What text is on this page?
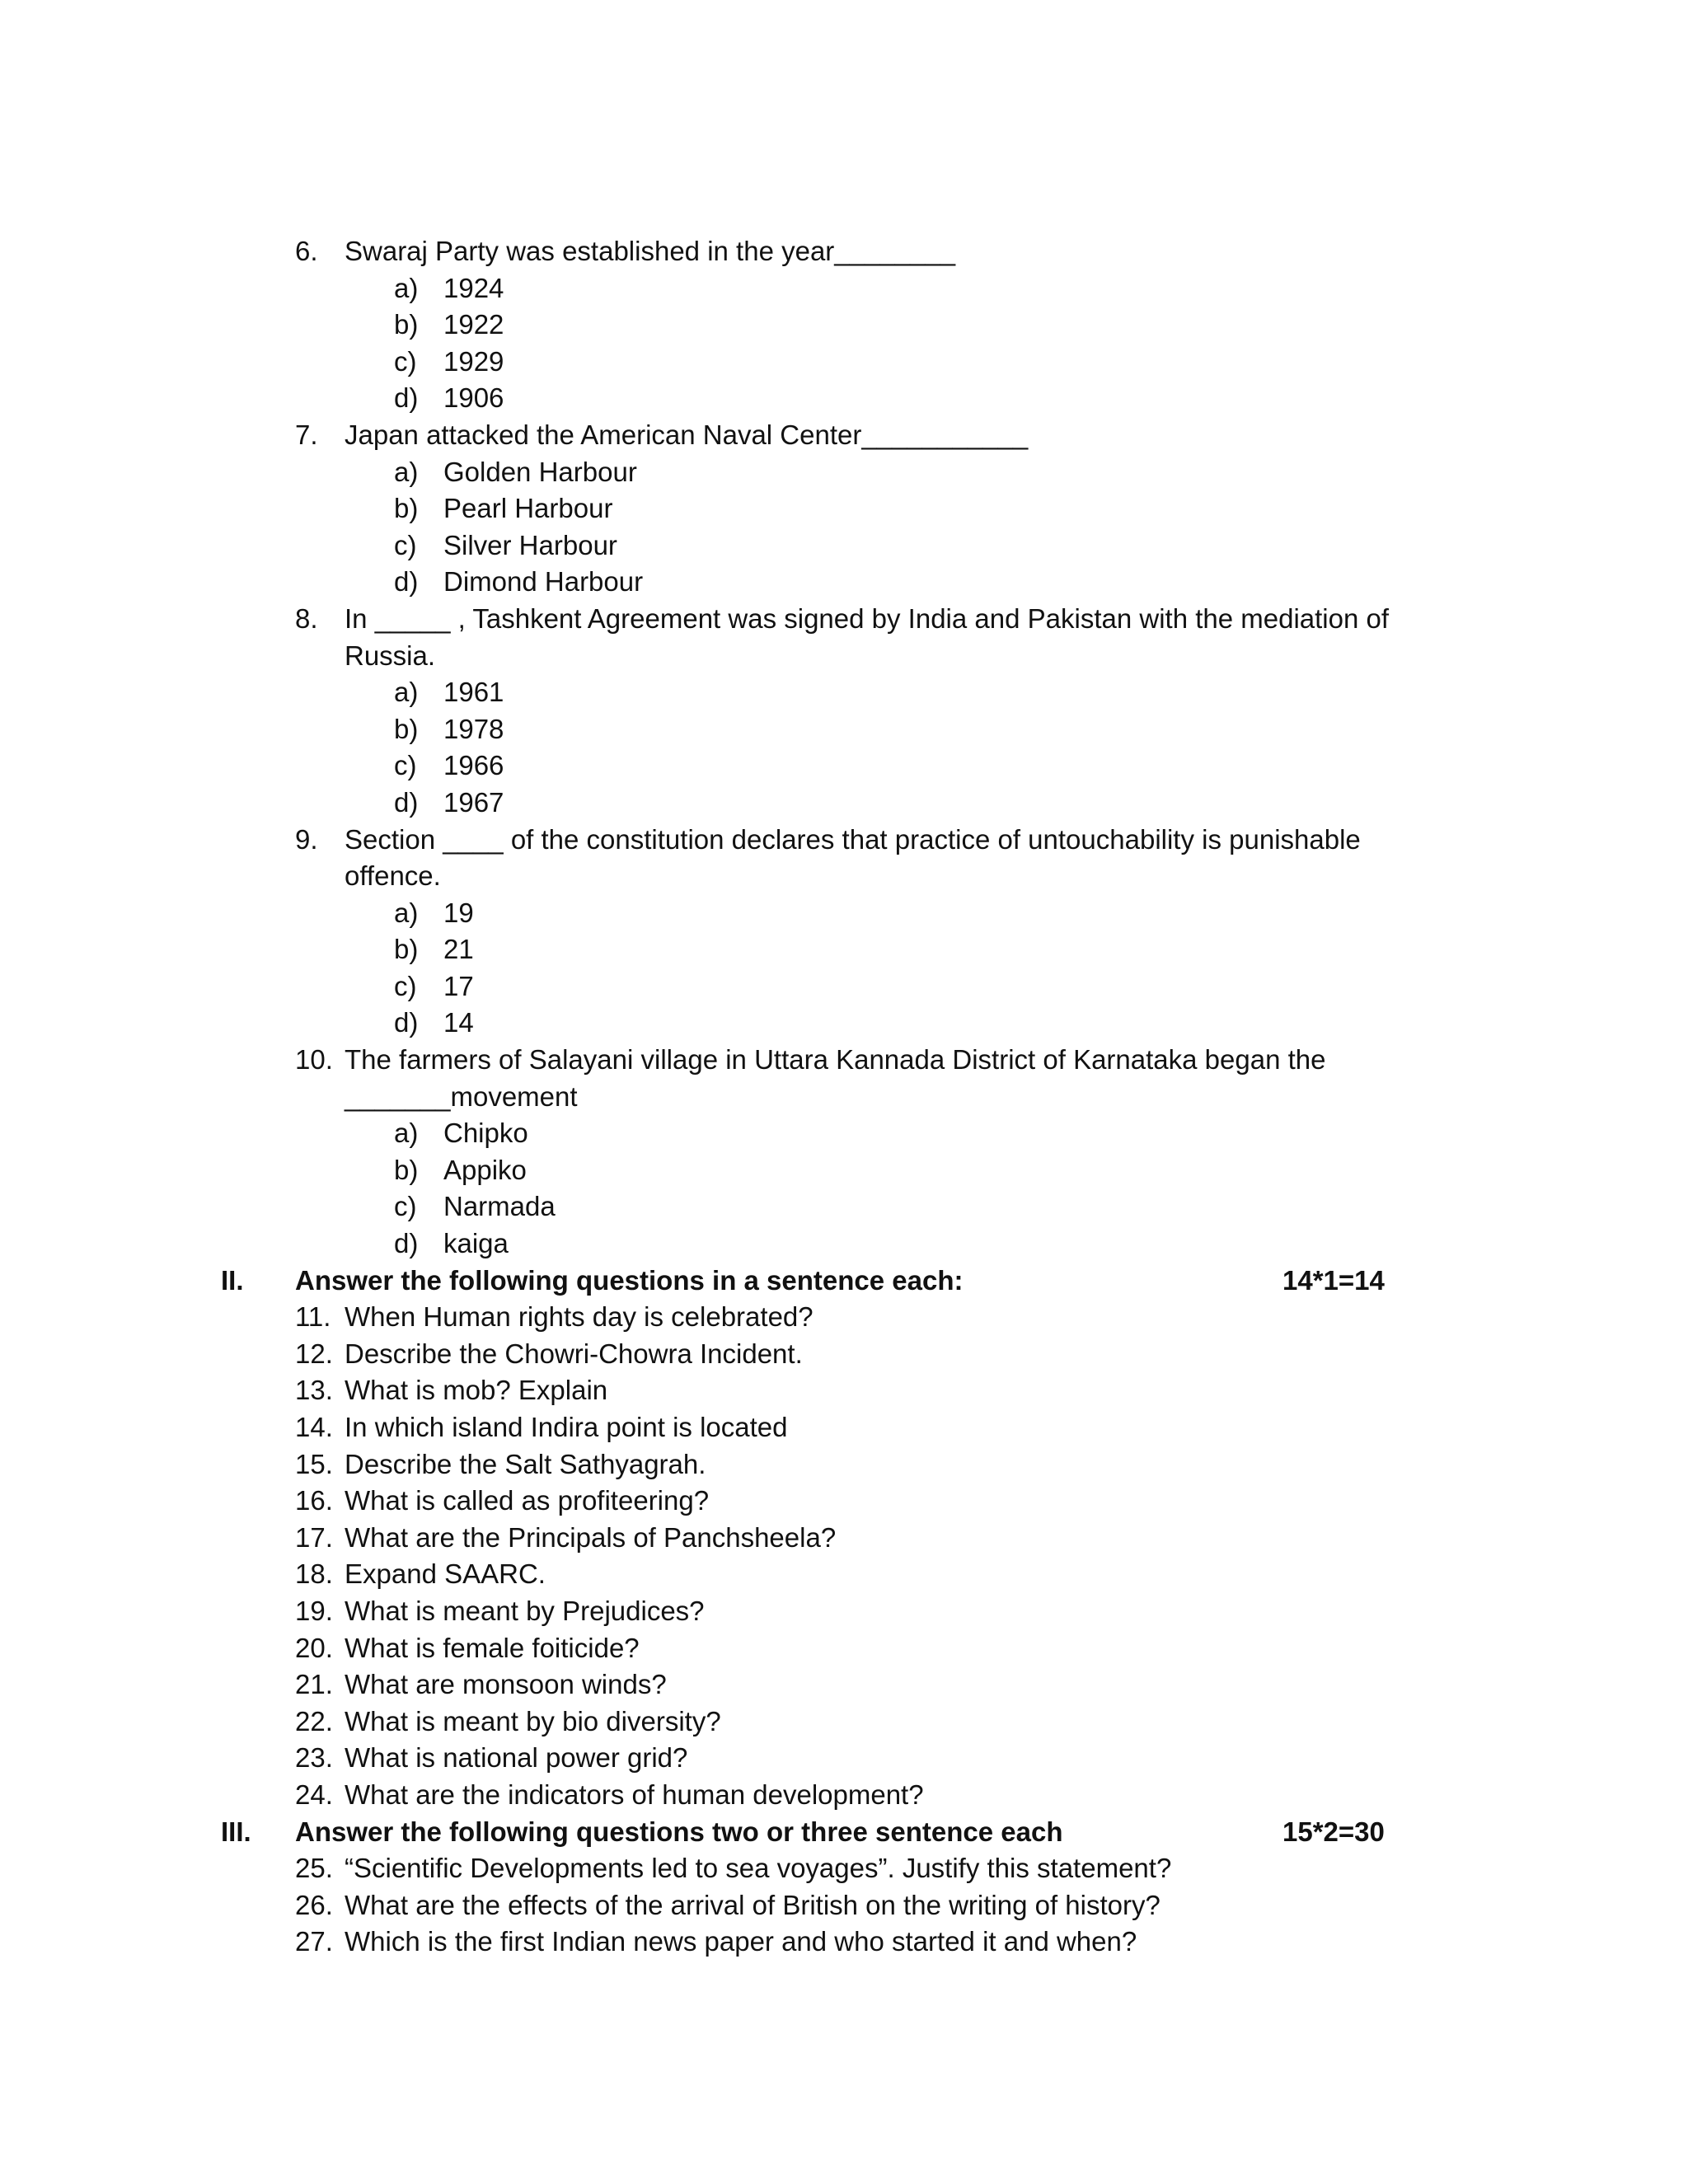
6. Swaraj Party was established in the year________
a) 1924
b) 1922
c) 1929
d) 1906
7. Japan attacked the American Naval Center___________
a) Golden Harbour
b) Pearl Harbour
c) Silver Harbour
d) Dimond Harbour
8. In _____ , Tashkent Agreement was signed by India and Pakistan with the mediation of
Russia.
a) 1961
b) 1978
c) 1966
d) 1967
9. Section ____ of the constitution declares that practice of untouchability is punishable
offence.
a) 19
b) 21
c) 17
d) 14
10. The farmers of Salayani village in Uttara Kannada District of Karnataka began the
_______movement
a) Chipko
b) Appiko
c) Narmada
d) kaiga
II. Answer the following questions in a sentence each:	14*1=14
11. When Human rights day is celebrated?
12. Describe the Chowri-Chowra Incident.
13. What is mob? Explain
14. In which island Indira point is located
15. Describe the Salt Sathyagrah.
16. What is called as profiteering?
17. What are the Principals of Panchsheela?
18. Expand SAARC.
19. What is meant by Prejudices?
20. What is female foiticide?
21. What are monsoon winds?
22. What is meant by bio diversity?
23. What is national power grid?
24. What are the indicators of human development?
III. Answer the following questions two or three sentence each	15*2=30
25. “Scientific Developments led to sea voyages”. Justify this statement?
26. What are the effects of the arrival of British on the writing of history?
27. Which is the first Indian news paper and who started it and when?
